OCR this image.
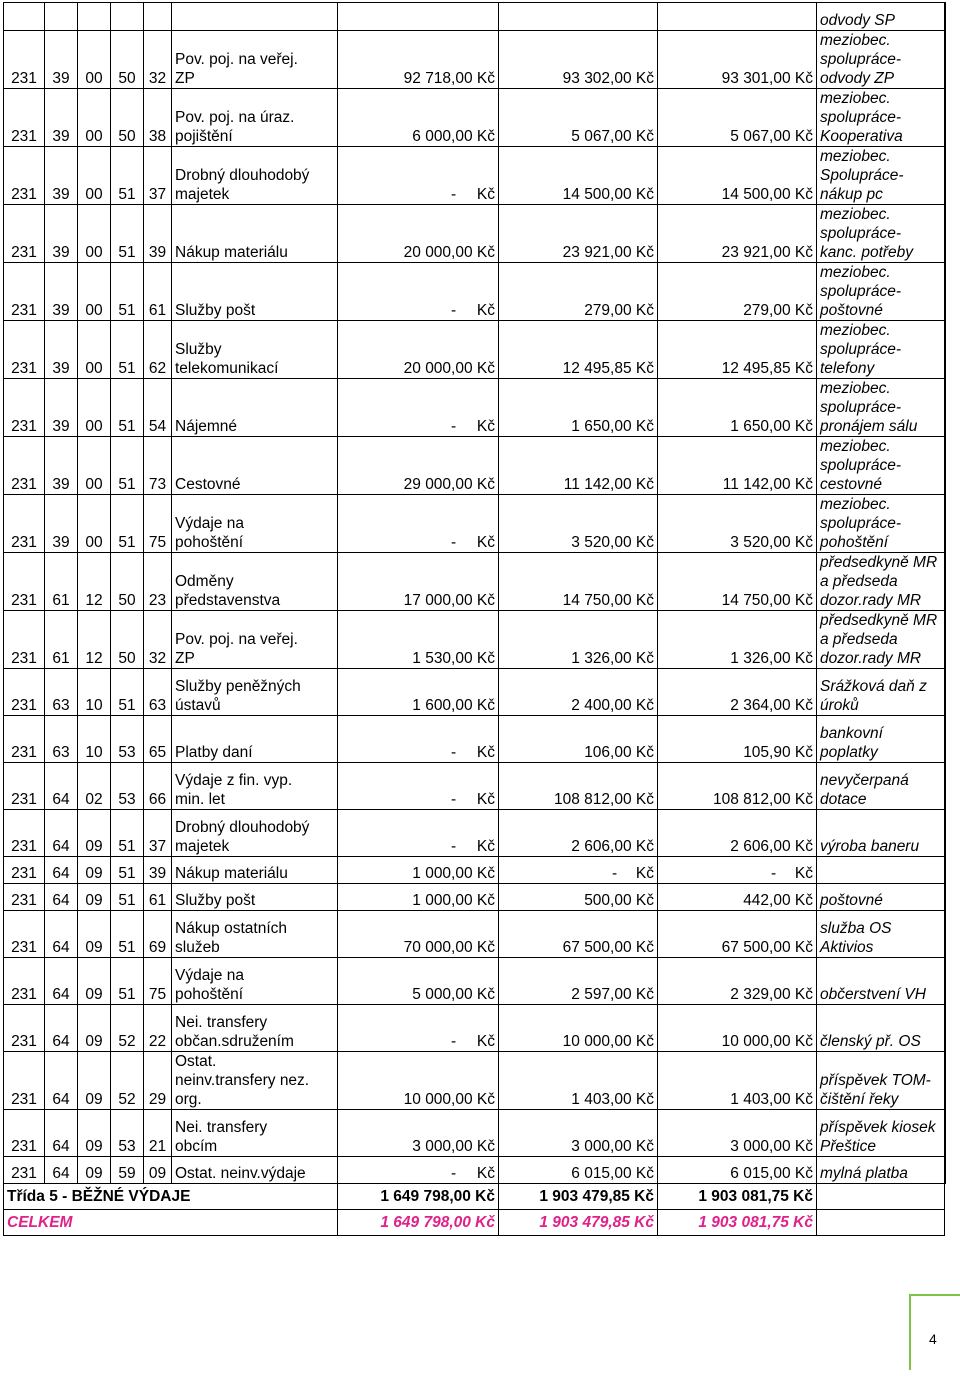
									odvody SP
231	39	00	50	32	Pov. poj. na veřej.
ZP	92 718,00 Kč	93 302,00 Kč	93 301,00 Kč	meziobec.
spolupráce-
odvody ZP
231	39	00	50	38	Pov. poj. na úraz.
pojištění	6 000,00 Kč	5 067,00 Kč	5 067,00 Kč	meziobec.
spolupráce-
Kooperativa
231	39	00	51	37	Drobný dlouhodobý
majetek	- Kč	14 500,00 Kč	14 500,00 Kč	meziobec.
Spolupráce-
nákup pc
231	39	00	51	39	Nákup materiálu	20 000,00 Kč	23 921,00 Kč	23 921,00 Kč	meziobec.
spolupráce-
kanc. potřeby
231	39	00	51	61	Služby pošt	- Kč	279,00 Kč	279,00 Kč	meziobec.
spolupráce-
poštovné
231	39	00	51	62	Služby
telekomunikací	20 000,00 Kč	12 495,85 Kč	12 495,85 Kč	meziobec.
spolupráce-
telefony
231	39	00	51	54	Nájemné	- Kč	1 650,00 Kč	1 650,00 Kč	meziobec.
spolupráce-
pronájem sálu
231	39	00	51	73	Cestovné	29 000,00 Kč	11 142,00 Kč	11 142,00 Kč	meziobec.
spolupráce-
cestovné
231	39	00	51	75	Výdaje na
pohoštění	- Kč	3 520,00 Kč	3 520,00 Kč	meziobec.
spolupráce-
pohoštění
231	61	12	50	23	Odměny
představenstva	17 000,00 Kč	14 750,00 Kč	14 750,00 Kč	předsedkyně MR
a předseda
dozor.rady MR
231	61	12	50	32	Pov. poj. na veřej.
ZP	1 530,00 Kč	1 326,00 Kč	1 326,00 Kč	předsedkyně MR
a předseda
dozor.rady MR
231	63	10	51	63	Služby peněžných
ústavů	1 600,00 Kč	2 400,00 Kč	2 364,00 Kč	Srážková daň z
úroků
231	63	10	53	65	Platby daní	- Kč	106,00 Kč	105,90 Kč	bankovní
poplatky
231	64	02	53	66	Výdaje z fin. vyp.
min. let	- Kč	108 812,00 Kč	108 812,00 Kč	nevyčerpaná
dotace
231	64	09	51	37	Drobný dlouhodobý
majetek	- Kč	2 606,00 Kč	2 606,00 Kč	výroba baneru
231	64	09	51	39	Nákup materiálu	1 000,00 Kč	- Kč	- Kč	

231	64	09	51	61	Služby pošt	1 000,00 Kč	500,00 Kč	442,00 Kč	poštovné
231	64	09	51	69	Nákup ostatních
služeb	70 000,00 Kč	67 500,00 Kč	67 500,00 Kč	služba OS
Aktivios
231	64	09	51	75	Výdaje na
pohoštění	5 000,00 Kč	2 597,00 Kč	2 329,00 Kč	občerstvení VH
231	64	09	52	22	Nei. transfery
občan.sdružením	- Kč	10 000,00 Kč	10 000,00 Kč	členský př. OS
231	64	09	52	29	Ostat.
neinv.transfery nez.
org.	10 000,00 Kč	1 403,00 Kč	1 403,00 Kč	příspěvek TOM-
čištění řeky
231	64	09	53	21	Nei. transfery
obcím	3 000,00 Kč	3 000,00 Kč	3 000,00 Kč	příspěvek kiosek
Přeštice
231	64	09	59	09	Ostat. neinv.výdaje	- Kč	6 015,00 Kč	6 015,00 Kč	mylná platba
Třída 5 - BĚŽNÉ VÝDAJE						1 649 798,00 Kč	1 903 479,85 Kč	1 903 081,75 Kč	
CELKEM						1 649 798,00 Kč	1 903 479,85 Kč	1 903 081,75 Kč	
4
